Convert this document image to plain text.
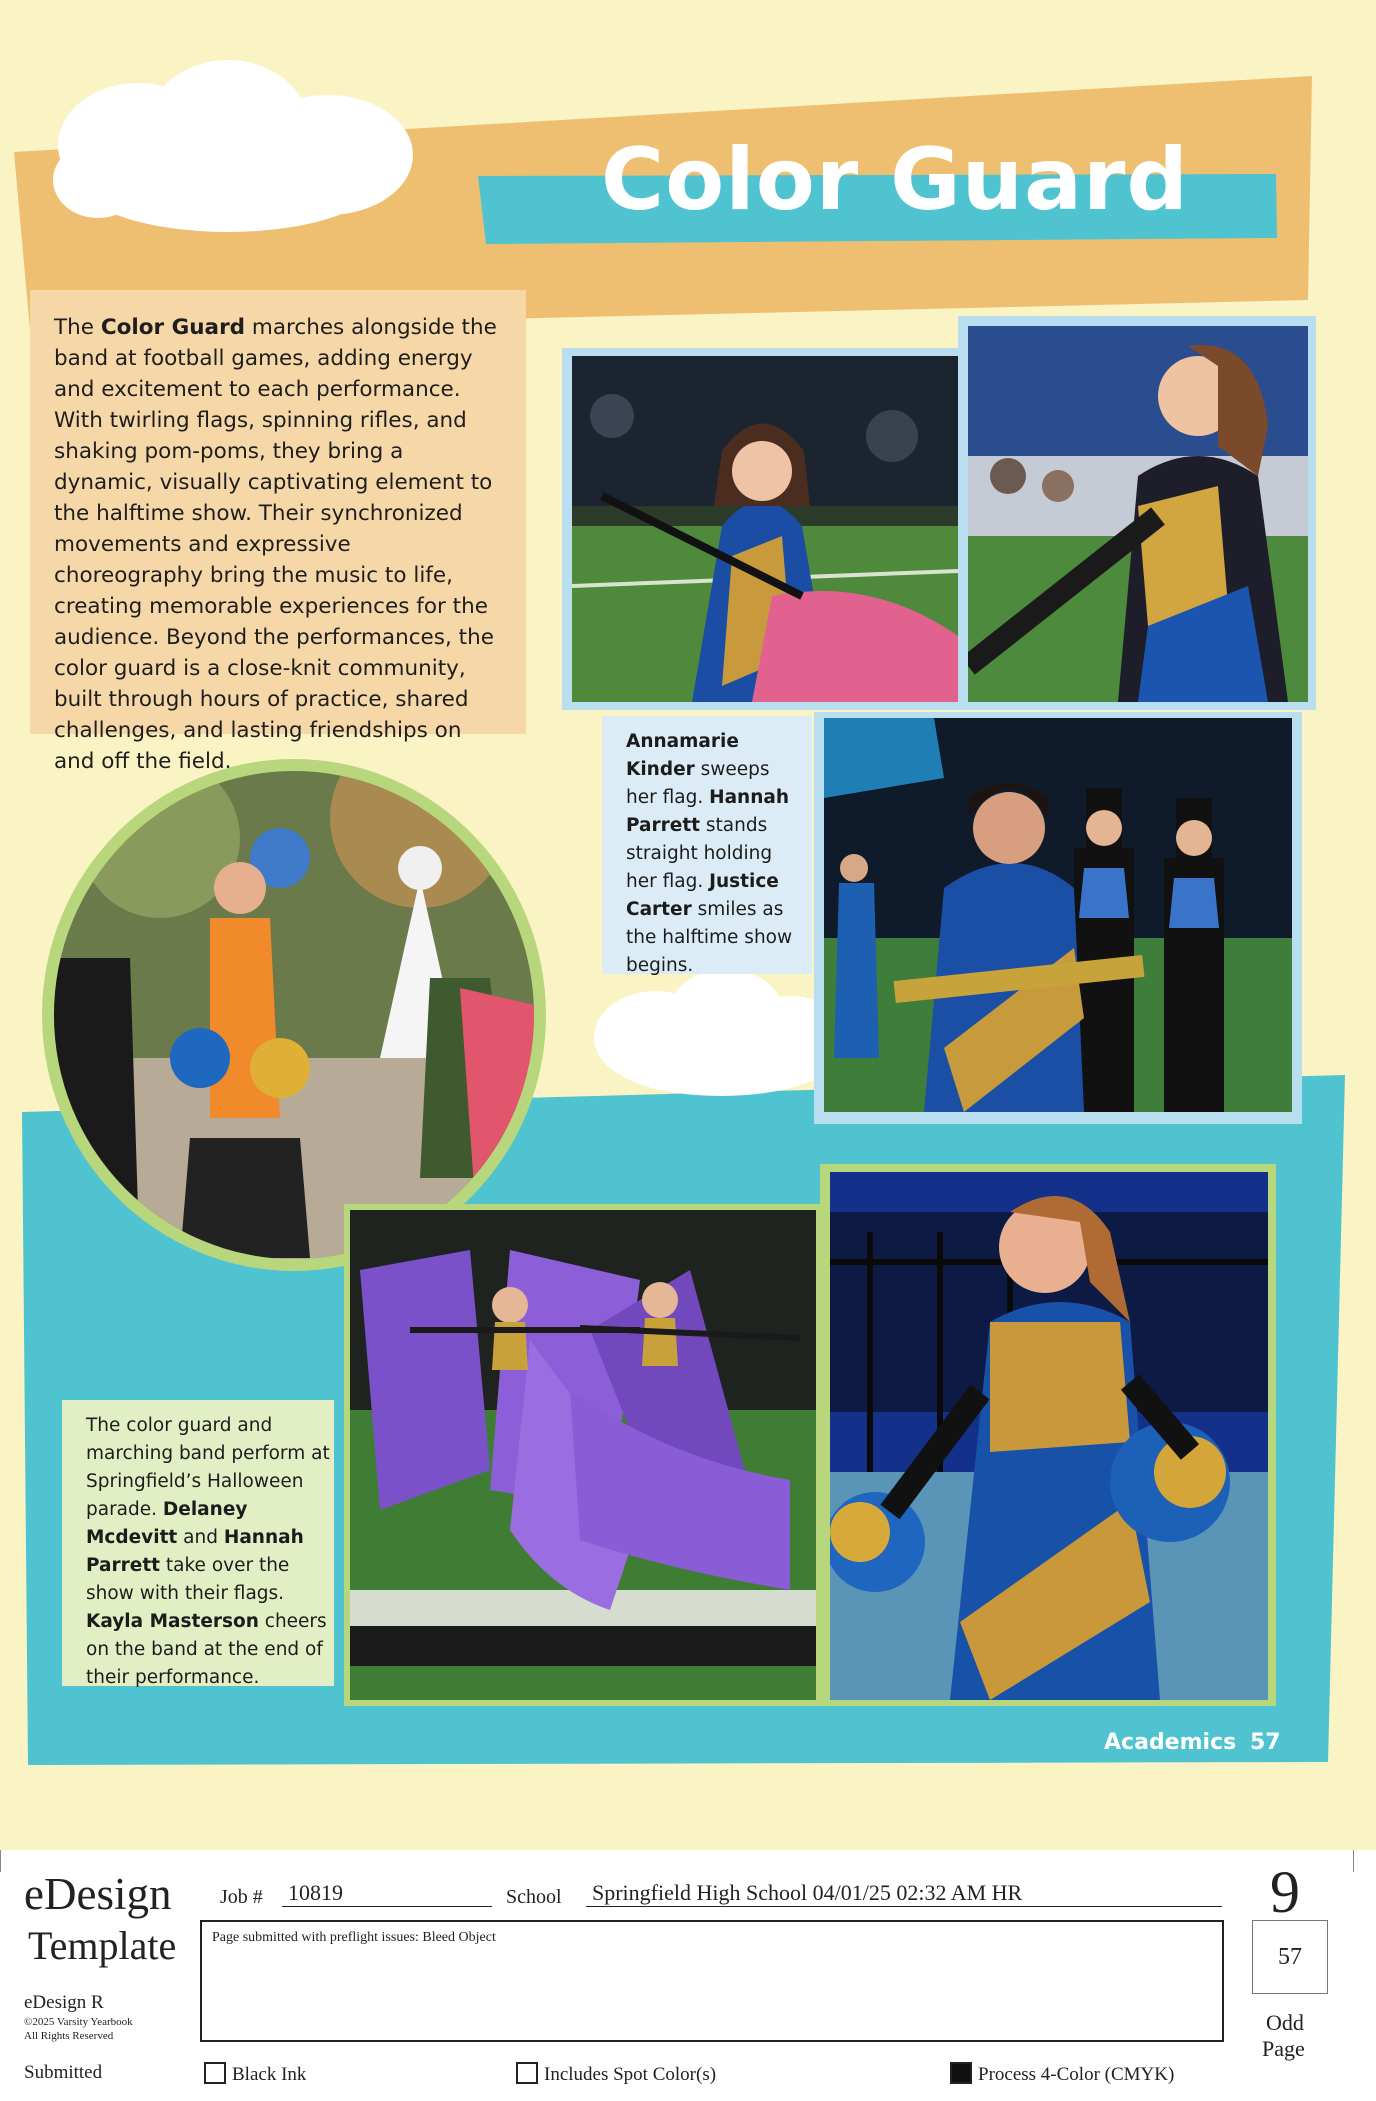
Color Guard
The Color Guard marches alongside the band at football games, adding energy and excitement to each performance. With twirling flags, spinning rifles, and shaking pom-poms, they bring a dynamic, visually captivating element to the halftime show. Their synchronized movements and expressive choreography bring the music to life, creating memorable experiences for the audience. Beyond the performances, the color guard is a close-knit community, built through hours of practice, shared challenges, and lasting friendships on and off the field.
Annamarie Kinder sweeps her flag. Hannah Parrett stands straight holding her flag. Justice Carter smiles as the halftime show begins.
The color guard and marching band perform at Springfield’s Halloween parade. Delaney Mcdevitt and Hannah Parrett take over the show with their flags. Kayla Masterson cheers on the band at the end of their performance.
Academics 57
eDesign
Template
eDesign R
©2025 Varsity Yearbook
All Rights Reserved
Submitted
Job # 10819	School Springfield High School 04/01/25 02:32 AM HR
Page submitted with preflight issues: Bleed Object
9
57
Odd
Page
Black Ink	Includes Spot Color(s)	Process 4-Color (CMYK)
